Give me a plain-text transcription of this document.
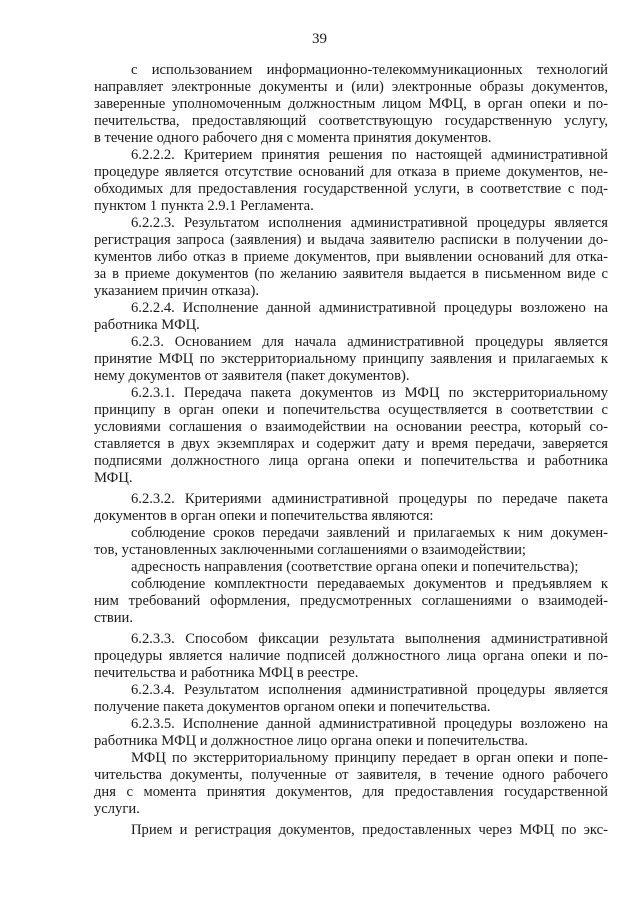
39
с использованием информационно-телекоммуникационных технологий
направляет электронные документы и (или) электронные образы документов,
заверенные уполномоченным должностным лицом МФЦ, в орган опеки и по-
печительства, предоставляющий соответствующую государственную услугу,
в течение одного рабочего дня с момента принятия документов.
6.2.2.2. Критерием принятия решения по настоящей административной
процедуре является отсутствие оснований для отказа в приеме документов, не-
обходимых для предоставления государственной услуги, в соответствие с под-
пунктом 1 пункта 2.9.1 Регламента.
6.2.2.3. Результатом исполнения административной процедуры является
регистрация запроса (заявления) и выдача заявителю расписки в получении до-
кументов либо отказ в приеме документов, при выявлении оснований для отка-
за в приеме документов (по желанию заявителя выдается в письменном виде с
указанием причин отказа).
6.2.2.4. Исполнение данной административной процедуры возложено на
работника МФЦ.
6.2.3. Основанием для начала административной процедуры является
принятие МФЦ по экстерриториальному принципу заявления и прилагаемых к
нему документов от заявителя (пакет документов).
6.2.3.1. Передача пакета документов из МФЦ по экстерриториальному
принципу в орган опеки и попечительства осуществляется в соответствии с
условиями соглашения о взаимодействии на основании реестра, который со-
ставляется в двух экземплярах и содержит дату и время передачи, заверяется
подписями должностного лица органа опеки и попечительства и работника
МФЦ.
6.2.3.2. Критериями административной процедуры по передаче пакета
документов в орган опеки и попечительства являются:
соблюдение сроков передачи заявлений и прилагаемых к ним докумен-
тов, установленных заключенными соглашениями о взаимодействии;
адресность направления (соответствие органа опеки и попечительства);
соблюдение комплектности передаваемых документов и предъявляем к
ним требований оформления, предусмотренных соглашениями о взаимодей-
ствии.
6.2.3.3. Способом фиксации результата выполнения административной
процедуры является наличие подписей должностного лица органа опеки и по-
печительства и работника МФЦ в реестре.
6.2.3.4. Результатом исполнения административной процедуры является
получение пакета документов органом опеки и попечительства.
6.2.3.5. Исполнение данной административной процедуры возложено на
работника МФЦ и должностное лицо органа опеки и попечительства.
МФЦ по экстерриториальному принципу передает в орган опеки и попе-
чительства документы, полученные от заявителя, в течение одного рабочего
дня с момента принятия документов, для предоставления государственной
услуги.
Прием и регистрация документов, предоставленных через МФЦ по экс-
